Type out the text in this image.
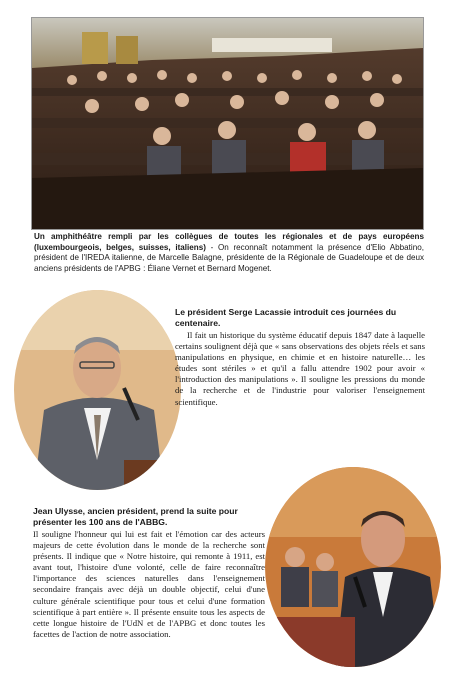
Un amphithéâtre rempli par les collègues de toutes les régionales et de pays européens (luxembourgeois, belges, suisses, italiens) - On reconnaît notamment la présence d'Elio Abbatino, président de l'IREDA italienne, de Marcelle Balagne, présidente de la Régionale de Guadeloupe et de deux anciens présidents de l'APBG : Éliane Vernet et Bernard Mogenet.

Le président Serge Lacassie introduit ces journées du centenaire.

Il fait un historique du système éducatif depuis 1847 date à laquelle certains soulignent déjà que « sans observations des objets réels et sans manipulations en physique, en chimie et en histoire naturelle… les études sont stériles » et qu'il a fallu attendre 1902 pour avoir « l'introduction des manipulations ». Il souligne les pressions du monde de la recherche et de l'industrie pour valoriser l'enseignement scientifique.

Jean Ulysse, ancien président, prend la suite pour présenter les 100 ans de l'ABBG.

Il souligne l'honneur qui lui est fait et l'émotion car des acteurs majeurs de cette évolution dans le monde de la recherche sont présents. Il indique que « Notre histoire, qui remonte à 1911, est avant tout, l'histoire d'une volonté, celle de faire reconnaître l'importance des sciences naturelles dans l'enseignement secondaire français avec déjà un double objectif, celui d'une culture générale scientifique pour tous et celui d'une formation scientifique à part entière ». Il présente ensuite tous les aspects de cette longue histoire de l'UdN et de l'APBG et donc toutes les facettes de l'action de notre association.
